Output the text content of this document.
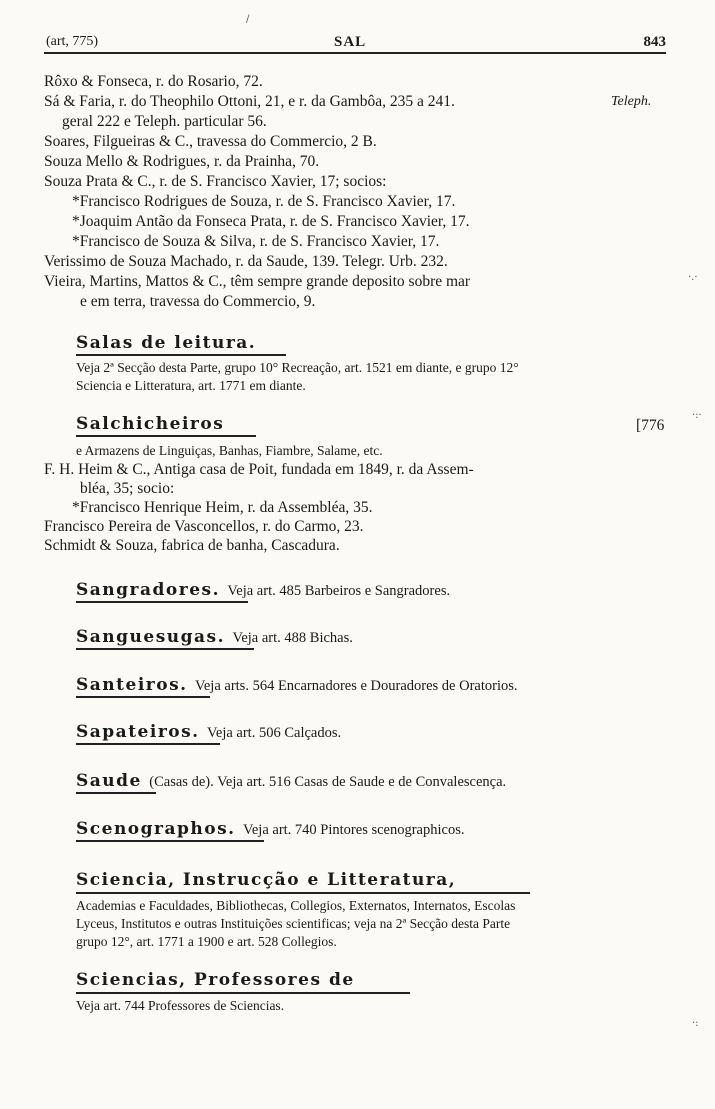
(art, 775)	SAL	843
Rôxo & Fonseca, r. do Rosario, 72.
Sá & Faria, r. do Theophilo Ottoni, 21, e r. da Gambôa, 235 a 241.	Teleph.
geral 222 e Teleph. particular 56.
Soares, Filgueiras & C., travessa do Commercio, 2 B.
Souza Mello & Rodrigues, r. da Prainha, 70.
Souza Prata & C., r. de S. Francisco Xavier, 17; socios:
*Francisco Rodrigues de Souza, r. de S. Francisco Xavier, 17.
*Joaquim Antão da Fonseca Prata, r. de S. Francisco Xavier, 17.
*Francisco de Souza & Silva, r. de S. Francisco Xavier, 17.
Verissimo de Souza Machado, r. da Saude, 139. Telegr. Urb. 232.
Vieira, Martins, Mattos & C., têm sempre grande deposito sobre mar
e em terra, travessa do Commercio, 9.
Salas de leitura.
Veja 2ª Secção desta Parte, grupo 10° Recreação, art. 1521 em diante, e grupo 12°
Sciencia e Litteratura, art. 1771 em diante.
Salchicheiros	[776
e Armazens de Linguiças, Banhas, Fiambre, Salame, etc.
F. H. Heim & C., Antiga casa de Poit, fundada em 1849, r. da Assem-
bléa, 35; socio:
*Francisco Henrique Heim, r. da Assembléa, 35.
Francisco Pereira de Vasconcellos, r. do Carmo, 23.
Schmidt & Souza, fabrica de banha, Cascadura.
Sangradores. Veja art. 485 Barbeiros e Sangradores.
Sanguesugas. Veja art. 488 Bichas.
Santeiros. Veja arts. 564 Encarnadores e Douradores de Oratorios.
Sapateiros. Veja art. 506 Calçados.
Saude (Casas de). Veja art. 516 Casas de Saude e de Convalescença.
Scenographos. Veja art. 740 Pintores scenographicos.
Sciencia, Instrucção e Litteratura,
Academias e Faculdades, Bibliothecas, Collegios, Externatos, Internatos, Escolas
Lyceus, Institutos e outras Instituições scientificas; veja na 2ª Secção desta Parte
grupo 12°, art. 1771 a 1900 e art. 528 Collegios.
Sciencias, Professores de
Veja art. 744 Professores de Sciencias.
/
·.·
·:·
·:
